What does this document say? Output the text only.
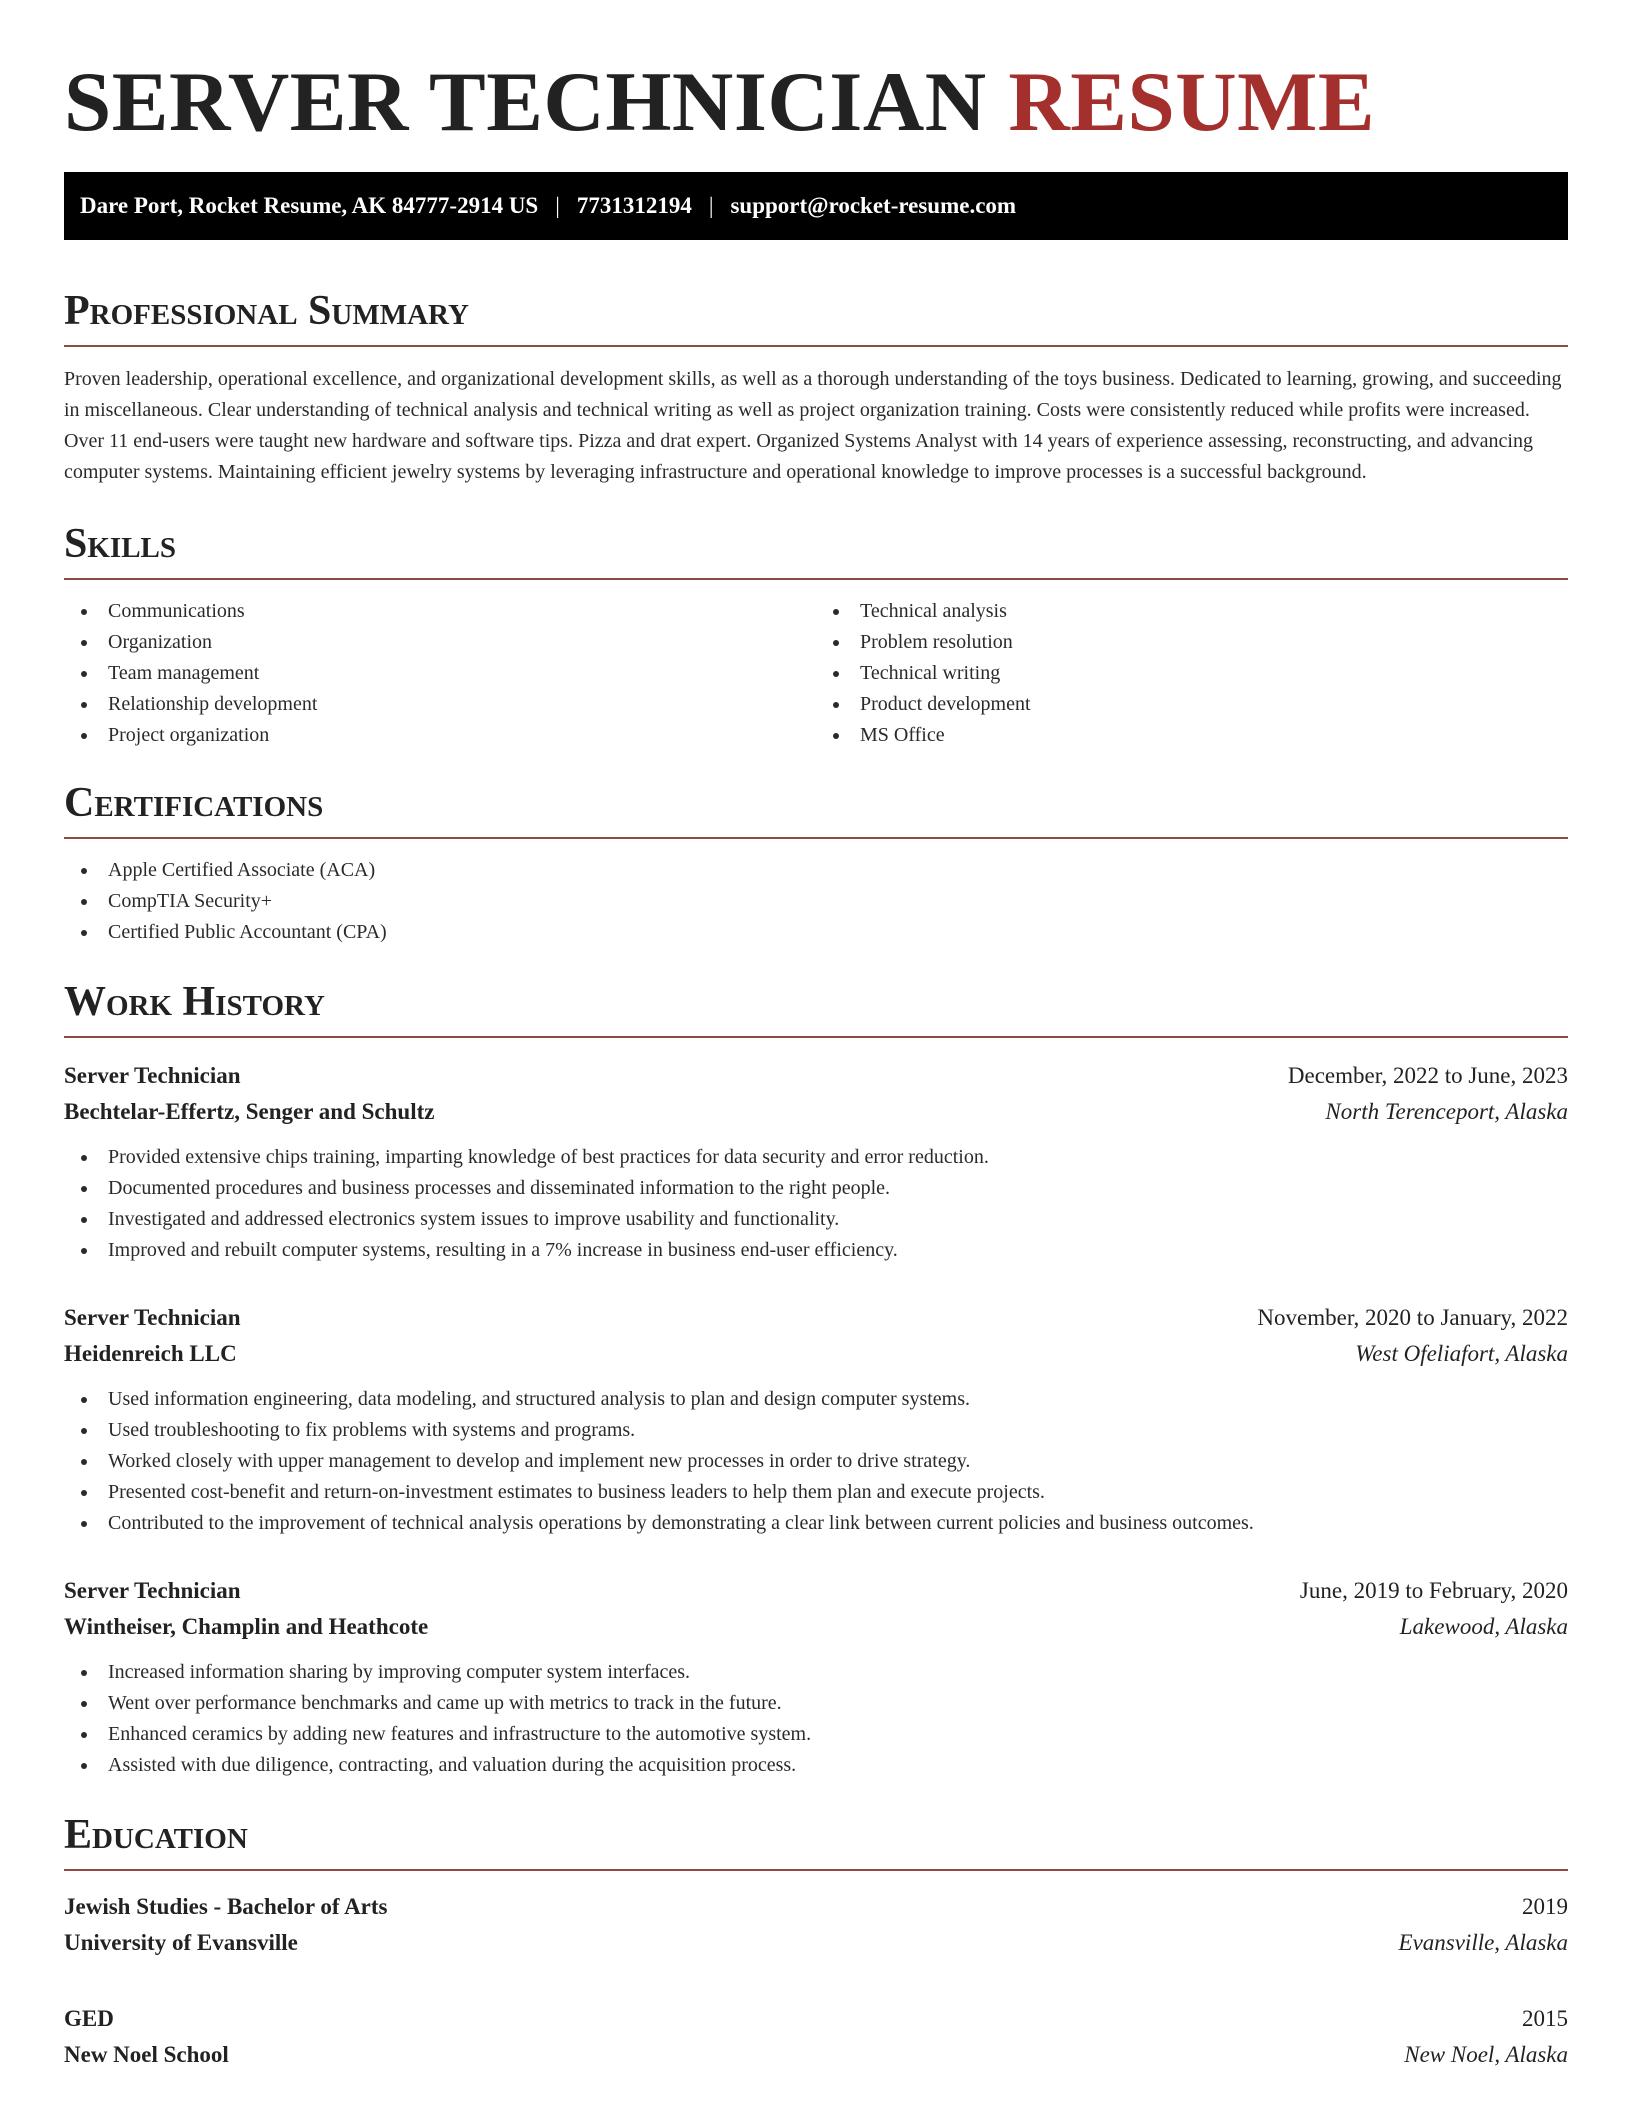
SERVER TECHNICIAN RESUME
Dare Port, Rocket Resume, AK 84777-2914 US | 7731312194 | support@rocket-resume.com
Professional Summary

Proven leadership, operational excellence, and organizational development skills, as well as a thorough understanding of the toys business. Dedicated to learning, growing, and succeeding in miscellaneous. Clear understanding of technical analysis and technical writing as well as project organization training. Costs were consistently reduced while profits were increased. Over 11 end-users were taught new hardware and software tips. Pizza and drat expert. Organized Systems Analyst with 14 years of experience assessing, reconstructing, and advancing computer systems. Maintaining efficient jewelry systems by leveraging infrastructure and operational knowledge to improve processes is a successful background.

Skills
Communications
Organization
Team management
Relationship development
Project organization
Technical analysis
Problem resolution
Technical writing
Product development
MS Office
Certifications
Apple Certified Associate (ACA)
CompTIA Security+
Certified Public Accountant (CPA)
Work History
Server Technician	December, 2022 to June, 2023
Bechtelar-Effertz, Senger and Schultz	North Terenceport, Alaska
Provided extensive chips training, imparting knowledge of best practices for data security and error reduction.
Documented procedures and business processes and disseminated information to the right people.
Investigated and addressed electronics system issues to improve usability and functionality.
Improved and rebuilt computer systems, resulting in a 7% increase in business end-user efficiency.
Server Technician	November, 2020 to January, 2022
Heidenreich LLC	West Ofeliafort, Alaska
Used information engineering, data modeling, and structured analysis to plan and design computer systems.
Used troubleshooting to fix problems with systems and programs.
Worked closely with upper management to develop and implement new processes in order to drive strategy.
Presented cost-benefit and return-on-investment estimates to business leaders to help them plan and execute projects.
Contributed to the improvement of technical analysis operations by demonstrating a clear link between current policies and business outcomes.
Server Technician	June, 2019 to February, 2020
Wintheiser, Champlin and Heathcote	Lakewood, Alaska
Increased information sharing by improving computer system interfaces.
Went over performance benchmarks and came up with metrics to track in the future.
Enhanced ceramics by adding new features and infrastructure to the automotive system.
Assisted with due diligence, contracting, and valuation during the acquisition process.
Education
Jewish Studies - Bachelor of Arts	2019
University of Evansville	Evansville, Alaska
GED	2015
New Noel School	New Noel, Alaska
